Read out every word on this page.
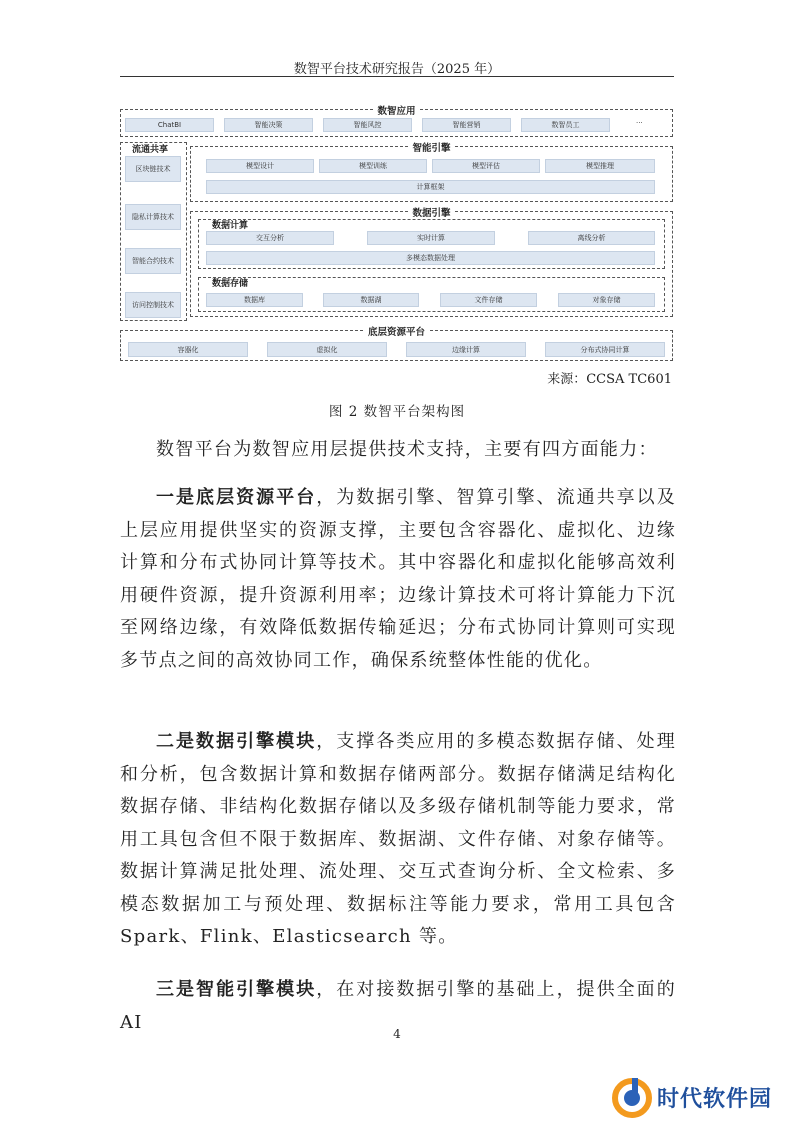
数智平台技术研究报告（2025 年）
数智应用
ChatBI	智能决策	智能风控	智能营销	数智员工	···
流通共享
区块链技术
隐私计算技术
智能合约技术
访问控制技术
智能引擎
模型设计	模型训练	模型评估	模型推理
计算框架
数据引擎
数据计算
交互分析	实时计算	离线分析
多模态数据处理
数据存储
数据库	数据湖	文件存储	对象存储
底层资源平台
容器化	虚拟化	边缘计算	分布式协同计算
来源：CCSA TC601
图 2 数智平台架构图

数智平台为数智应用层提供技术支持，主要有四方面能力：

一是底层资源平台，为数据引擎、智算引擎、流通共享以及上层应用提供坚实的资源支撑，主要包含容器化、虚拟化、边缘计算和分布式协同计算等技术。其中容器化和虚拟化能够高效利用硬件资源，提升资源利用率；边缘计算技术可将计算能力下沉至网络边缘，有效降低数据传输延迟；分布式协同计算则可实现多节点之间的高效协同工作，确保系统整体性能的优化。

二是数据引擎模块，支撑各类应用的多模态数据存储、处理和分析，包含数据计算和数据存储两部分。数据存储满足结构化数据存储、非结构化数据存储以及多级存储机制等能力要求，常用工具包含但不限于数据库、数据湖、文件存储、对象存储等。数据计算满足批处理、流处理、交互式查询分析、全文检索、多模态数据加工与预处理、数据标注等能力要求，常用工具包含 Spark、Flink、Elasticsearch 等。

三是智能引擎模块，在对接数据引擎的基础上，提供全面的 AI

4
时代软件园
